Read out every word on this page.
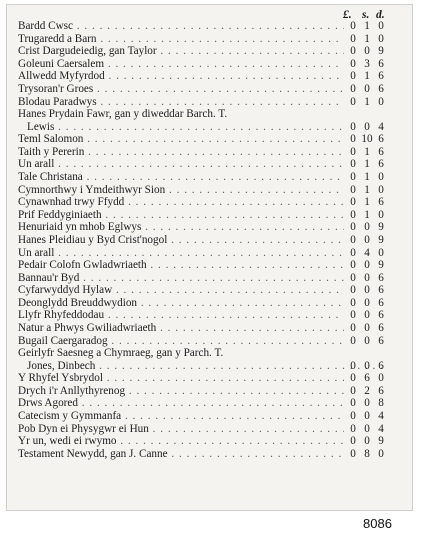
£. s. d.
Bardd Cwsc . . .	0 1 0
Trugaredd a Barn . . .	0 1 0
Crist Dargudeiedig, gan Taylor . . .	0 0 9
Goleuni Caersalem . . .	0 3 6
Allwedd Myfyrdod . . .	0 1 6
Trysoran'r Groes . . .	0 0 6
Blodau Paradwys . . .	0 1 0
Hanes Prydain Fawr, gan y diweddar Barch. T.
Lewis . . .	0 0 4
Teml Salomon . . .	0 10 6
Taith y Pererin . . .	0 1 6
Un arall . . .	0 1 6
Tale Christana . . .	0 1 0
Cymnorthwy i Ymdeithwyr Sion . . .	0 1 0
Cynawnhad trwy Ffydd . . .	0 1 6
Prif Feddyginiaeth . . .	0 1 0
Henuriaid yn mhob Eglwys . . .	0 0 9
Hanes Pleidiau y Byd Crist'nogol . . .	0 0 9
Un arall . . .	0 4 0
Pedair Colofn Gwladwriaeth . . .	0 0 9
Bannau'r Byd . . .	0 0 6
Cyfarwyddyd Hylaw . . .	0 0 6
Deonglydd Breuddwydion . . .	0 0 6
Llyfr Rhyfeddodau . . .	0 0 6
Natur a Phwys Gwiliadwriaeth . . .	0 0 6
Bugail Caergaradog . . .	0 0 6
Geirlyfr Saesneg a Chymraeg, gan y Parch. T.
Jones, Dinbech . . .	0 0 6
Y Rhyfel Ysbrydol . . .	0 6 0
Drych i'r Anllythyrenog . . .	0 2 6
Drws Agored . . .	0 0 8
Catecism y Gymmanfa . . .	0 0 4
Pob Dyn ei Physygwr ei Hun . . .	0 0 4
Yr un, wedi ei rwymo . . .	0 0 9
Testament Newydd, gan J. Canne . . .	0 8 0
8086
